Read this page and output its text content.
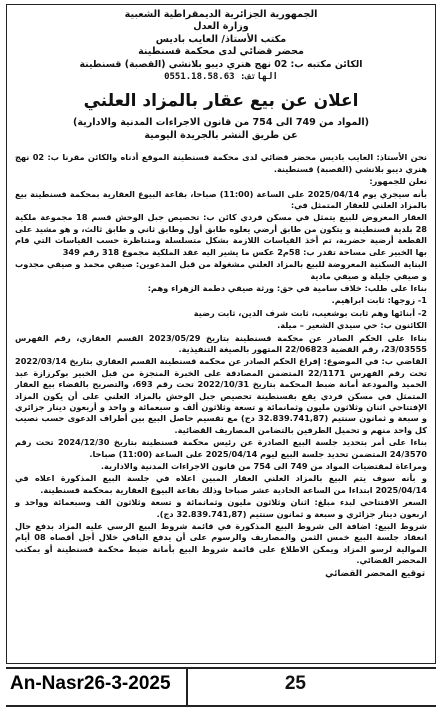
الجمهورية الجزائرية الديمقراطية الشعبية
وزارة العدل
مكتب الأستاذ/ العايب باديس
محضر قضائي لدى محكمة قسنطينة
الكائن مكتبه ب: 02 نهج هنري ديبو بلانشي (القصبة) قسنطينة
الهاتف: 0551.18.58.63
اعلان عن بيع عقار بالمزاد العلني
(المواد من 749 الى 754 من قانون الاجراءات المدنية والادارية)
عن طريق النشر بالجريدة اليومية

نحن الأستاذ: العايب باديس محضر قضائي لدى محكمة قسنطينة الموقع أدناه والكائن مقرنا ب: 02 نهج هنري ديبو بلانشي (القصبة) قسنطينة.

نعلن للجمهور:

بأنه سيجري يوم 2025/04/14 على الساعة (11:00) صباحا، بقاعة البيوع العقارية بمحكمة قسنطينة بيع بالمزاد العلني للعقار المتمثل في:

العقار المعروض للبيع يتمثل في مسكن فردي كائن ب: تحصيص جبل الوحش قسم 18 مجموعة ملكية 28 بلدية قسنطينة و يتكون من طابق أرضي يعلوه طابق أول وطابق ثاني و طابق ثالث، و هو مشيد على القطعة أرضية حضرية، تم أخذ القياسات اللازمة بشكل متسلسلة ومتناظرة حسب القياسات التي قام بها الخبير على مساحة تقدر ب: 58م2 عكس ما يشير اليه عقد الملكية مجموع 318 رقم 349

البناية السكنية المعروضة للبيع بالمزاد العلني مشغولة من قبل المدعوين: صيفي محمد و صيفي مجدوب و صيفي جليلة و صيفي مادية

بناءا على طلب: خلاف سامية في حق: ورثة صيفي دطمة الزهراء وهم:

1- زوجها: ثابت ابراهيم.

2- أبنائها وهم ثابت بوشعيب، ثابت شرف الدين، ثابت رضية

الكائنون ب: حي سيدي الشعير – ميلة.

بناءا على الحكم الصادر عن محكمة قسنطينة بتاريخ 2023/05/29 القسم العقاري، رقم الفهرس 23/03555، رقم القضية 22/06823 المتهور بالصيغة التنفيذية.

القاضي ب: في الموضوع: إفراغ الحكم الصادر عن محكمة قسنطينة القسم العقاري بتاريخ 2022/03/14 تحت رقم الفهرس 22/1171 المتضمن المصادقة على الخبرة المنجزة من قبل الخبير بوكرزازة عبد الحميد والمودعة أمانة ضبط المحكمة بتاريخ 2022/10/31 تحت رقم 693، والتصريح بالقضاء بيع العقار المتمثل في مسكن فردي يقع بقسنطينة تحصيص جبل الوحش بالمزاد العلني على أن يكون المزاد الإفتتاحي اثنان وثلاثون مليون وثمانمائة و تسعة وثلاثون ألف و سبعمائة و واحد و أربعون دينار جزائري و سبعة و ثمانون سنتيم (32.839.741,87 دج) مع تقسيم حاصل البيع بين أطراف الدعوى حسب نصيب كل واحد منهم و تحميل الطرفين بالتضامن المصاريف القضائية.

بناءا على أمر بتحديد جلسة البيع الصادرة عن رئيس محكمة قسنطينة بتاريخ 2024/12/30 تحت رقم 24/3570 المتضمن تحديد جلسة البيع ليوم 2025/04/14 على الساعة (11:00) صباحا.

ومراعاة لمقتضيات المواد من 749 الى 754 من قانون الاجراءات المدنية والادارية.

و بأنه سوف يتم البيع بالمزاد العلني العقار المبين اعلاه في جلسة البيع المذكورة اعلاه في 2025/04/14 ابتداءا من الساعة الحادية عشر صباحا وذلك بقاعة البيوع العقارية بمحكمة قسنطينة.

السعر الافتتاحي لبدء مبلغ: اثنان وثلاثون مليون وثمانمائة و تسعة وثلاثون الف وسبعمائة وواحد و اربعون دينار جزائري و سبعة و ثمانون سنتيم (32.839.741,87 دج).

شروط البيع: اضافة الى شروط البيع المذكورة في قائمة شروط البيع الرسي عليه المزاد بدفع حال انعقاد جلسة البيع خمس الثمن والمصاريف والرسوم على أن يدفع الباقي خلال أجل أقصاه 08 أيام الموالية لرسو المزاد ويمكن الاطلاع على قائمة شروط البيع بأمانة ضبط محكمة قسنطينة أو بمكتب المحضر القضائي.

توقيع المحضر القضائي
An-Nasr26-3-2025	25
